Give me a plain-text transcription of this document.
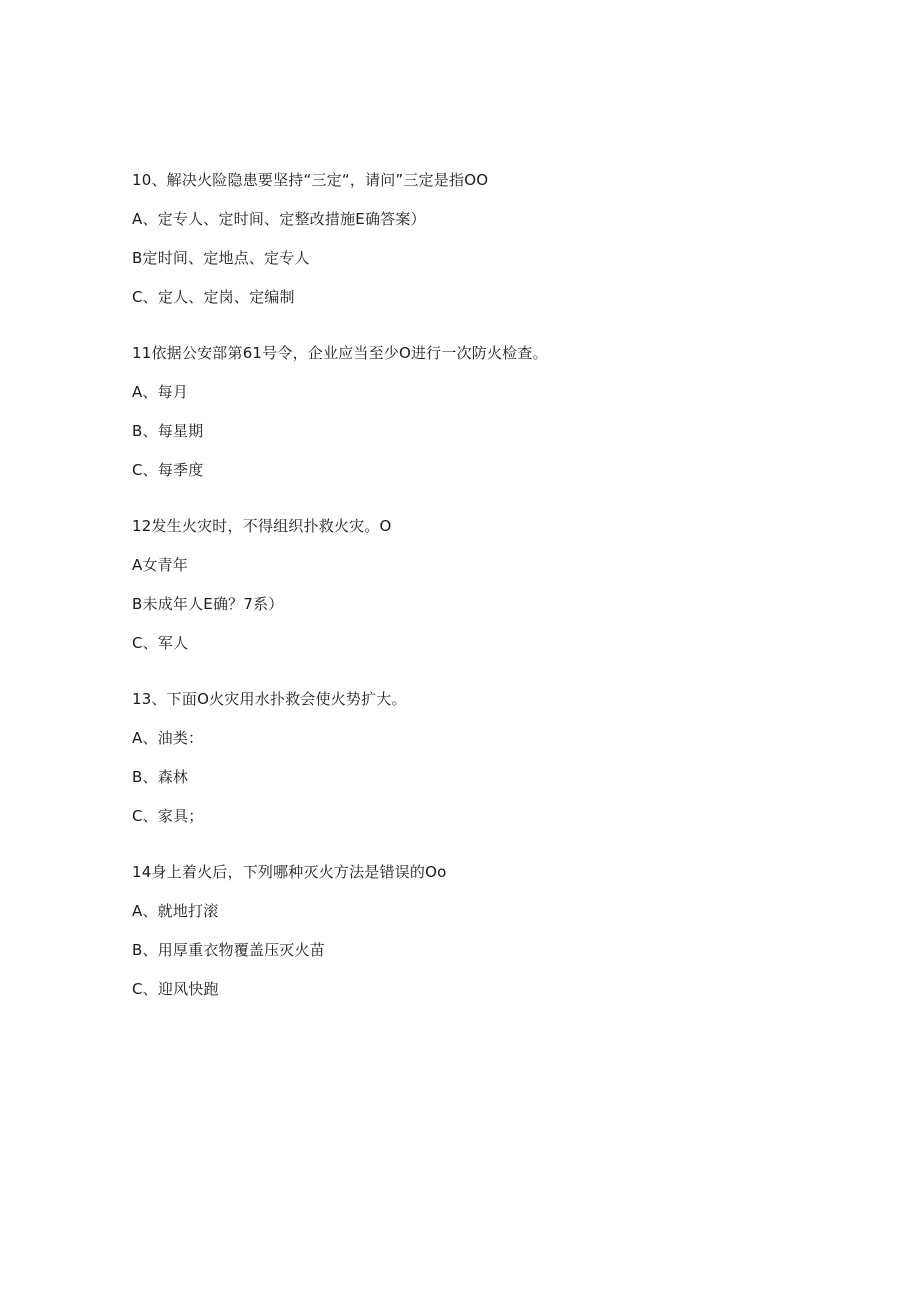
10、解决火险隐患要坚持“三定“，请问”三定是指OO
A、定专人、定时间、定整改措施E确答案）
B定时间、定地点、定专人
C、定人、定岗、定编制
11依据公安部第61号令，企业应当至少O进行一次防火检查。
A、每月
B、每星期
C、每季度
12发生火灾时，不得组织扑救火灾。O
A女青年
B未成年人E确？7系）
C、军人
13、下面O火灾用水扑救会使火势扩大。
A、油类：
B、森林
C、家具；
14身上着火后，下列哪种灭火方法是错误的Oo
A、就地打滚
B、用厚重衣物覆盖压灭火苗
C、迎风快跑
